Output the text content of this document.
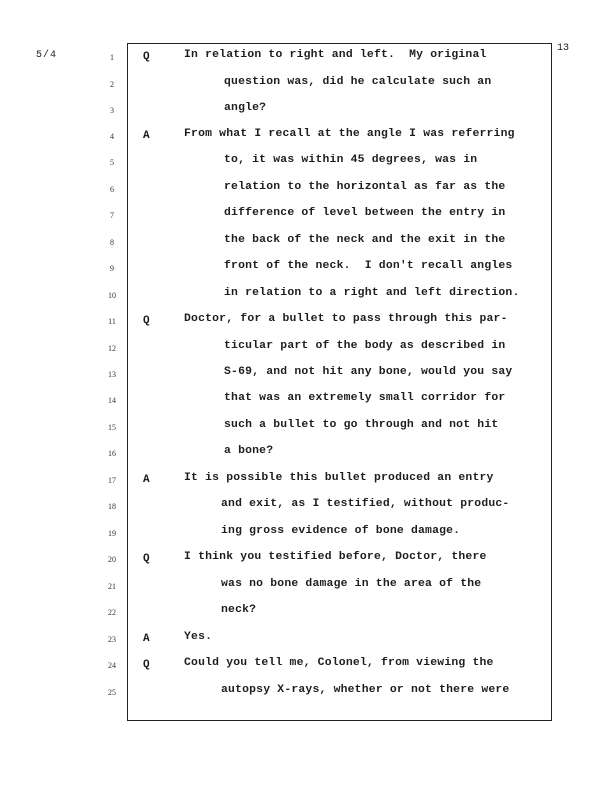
5/4
13
1	Q	In relation to right and left.  My original
2	question was, did he calculate such an
3	angle?
4	A	From what I recall at the angle I was referring
5	to, it was within 45 degrees, was in
6	relation to the horizontal as far as the
7	difference of level between the entry in
8	the back of the neck and the exit in the
9	front of the neck.  I don't recall angles
10	in relation to a right and left direction.
11	Q	Doctor, for a bullet to pass through this par-
12	ticular part of the body as described in
13	S-69, and not hit any bone, would you say
14	that was an extremely small corridor for
15	such a bullet to go through and not hit
16	a bone?
17	A	It is possible this bullet produced an entry
18	and exit, as I testified, without produc-
19	ing gross evidence of bone damage.
20	Q	I think you testified before, Doctor, there
21	was no bone damage in the area of the
22	neck?
23	A	Yes.
24	Q	Could you tell me, Colonel, from viewing the
25	autopsy X-rays, whether or not there were
